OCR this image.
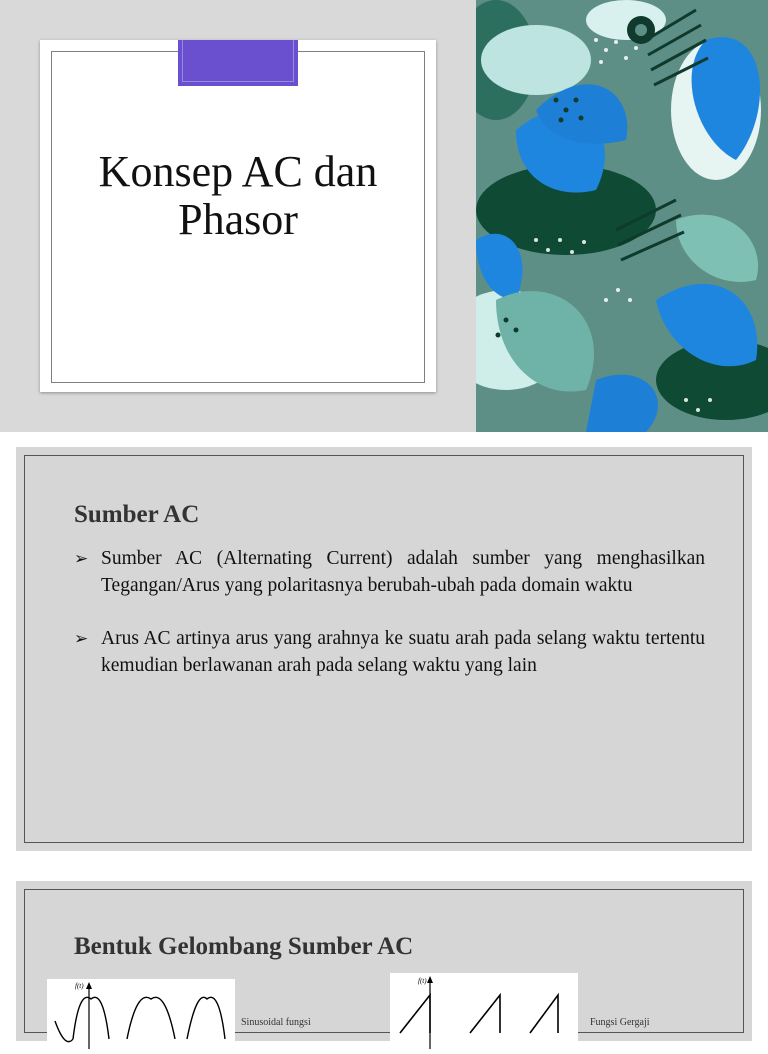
Konsep AC dan
Phasor
Sumber AC
➢ Sumber AC (Alternating Current) adalah sumber yang menghasilkan Tegangan/Arus yang polaritasnya berubah-ubah pada domain waktu
➢ Arus AC artinya arus yang arahnya ke suatu arah pada selang waktu tertentu kemudian berlawanan arah pada selang waktu yang lain
Bentuk Gelombang Sumber AC
f(t)
Sinusoidal fungsi
f(t)
Fungsi Gergaji
